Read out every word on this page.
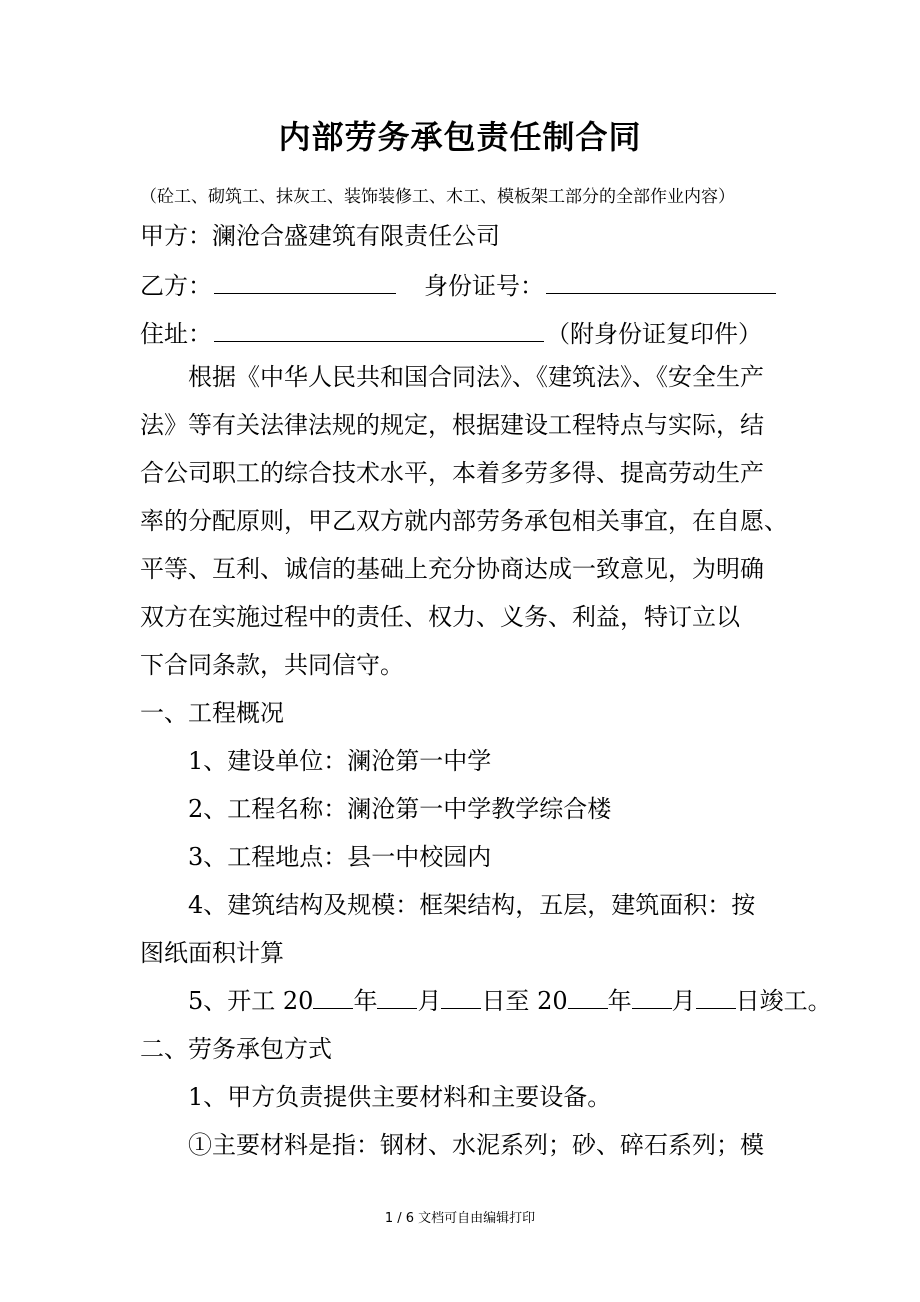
内部劳务承包责任制合同
（砼工、砌筑工、抹灰工、装饰装修工、木工、模板架工部分的全部作业内容）
甲方：澜沧合盛建筑有限责任公司
乙方：	身份证号：
住址：	（附身份证复印件）

根据《中华人民共和国合同法》、《建筑法》、《安全生产

法》等有关法律法规的规定，根据建设工程特点与实际，结

合公司职工的综合技术水平，本着多劳多得、提高劳动生产

率的分配原则，甲乙双方就内部劳务承包相关事宜，在自愿、

平等、互利、诚信的基础上充分协商达成一致意见，为明确

双方在实施过程中的责任、权力、义务、利益，特订立以

下合同条款，共同信守。

一、工程概况

1、建设单位：澜沧第一中学

2、工程名称：澜沧第一中学教学综合楼

3、工程地点：县一中校园内

4、建筑结构及规模：框架结构，五层，建筑面积：按

图纸面积计算

5、开工 20 年 月 日至 20 年 月 日竣工。

二、劳务承包方式

1、甲方负责提供主要材料和主要设备。

①主要材料是指：钢材、水泥系列；砂、碎石系列；模

1 / 6 文档可自由编辑打印
